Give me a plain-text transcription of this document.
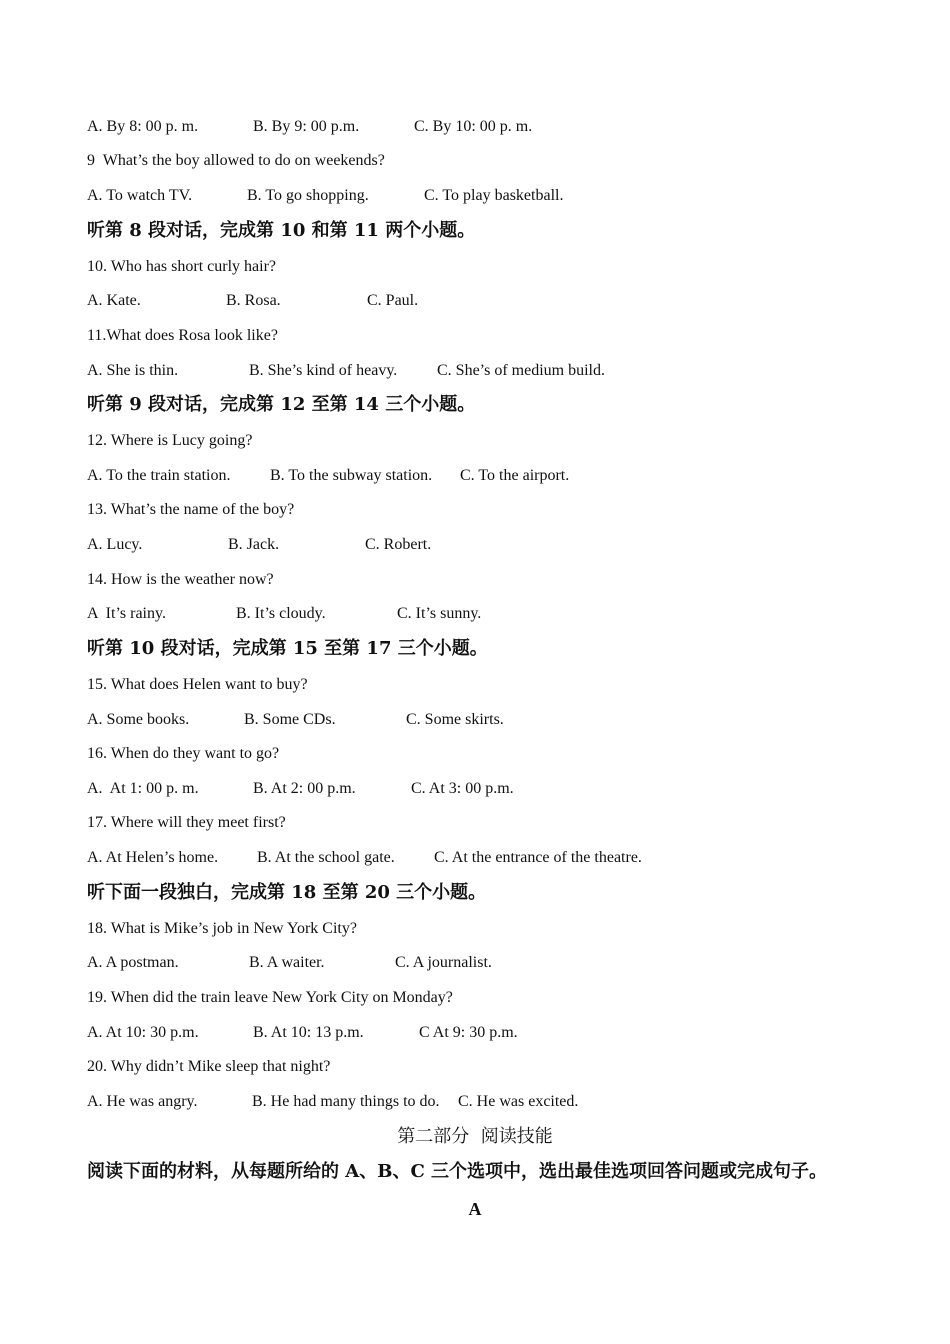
A. By 8: 00 p. m.	B. By 9: 00 p.m.	C. By 10: 00 p. m.
9  What’s the boy allowed to do on weekends?
A. To watch TV.	B. To go shopping.	C. To play basketball.
听第 8 段对话，完成第 10 和第 11 两个小题。
10. Who has short curly hair?
A. Kate.	B. Rosa.	C. Paul.
11.What does Rosa look like?
A. She is thin.	B. She’s kind of heavy. C. She’s of medium build.
听第 9 段对话，完成第 12 至第 14 三个小题。
12. Where is Lucy going?
A. To the train station. B. To the subway station. C. To the airport.
13. What’s the name of the boy?
A. Lucy.	B. Jack.	C. Robert.
14. How is the weather now?
A  It’s rainy.	B. It’s cloudy.	C. It’s sunny.
听第 10 段对话，完成第 15 至第 17 三个小题。
15. What does Helen want to buy?
A. Some books.	B. Some CDs.	C. Some skirts.
16. When do they want to go?
A.  At 1: 00 p. m.	B. At 2: 00 p.m.	C. At 3: 00 p.m.
17. Where will they meet first?
A. At Helen’s home. B. At the school gate. C. At the entrance of the theatre.
听下面一段独白，完成第 18 至第 20 三个小题。
18. What is Mike’s job in New York City?
A. A postman.	B. A waiter.	C. A journalist.
19. When did the train leave New York City on Monday?
A. At 10: 30 p.m.	B. At 10: 13 p.m.	C At 9: 30 p.m.
20. Why didn’t Mike sleep that night?
A. He was angry.	B. He had many things to do. C. He was excited.
第二部分  阅读技能
阅读下面的材料，从每题所给的 A、B、C 三个选项中，选出最佳选项回答问题或完成句子。
A
